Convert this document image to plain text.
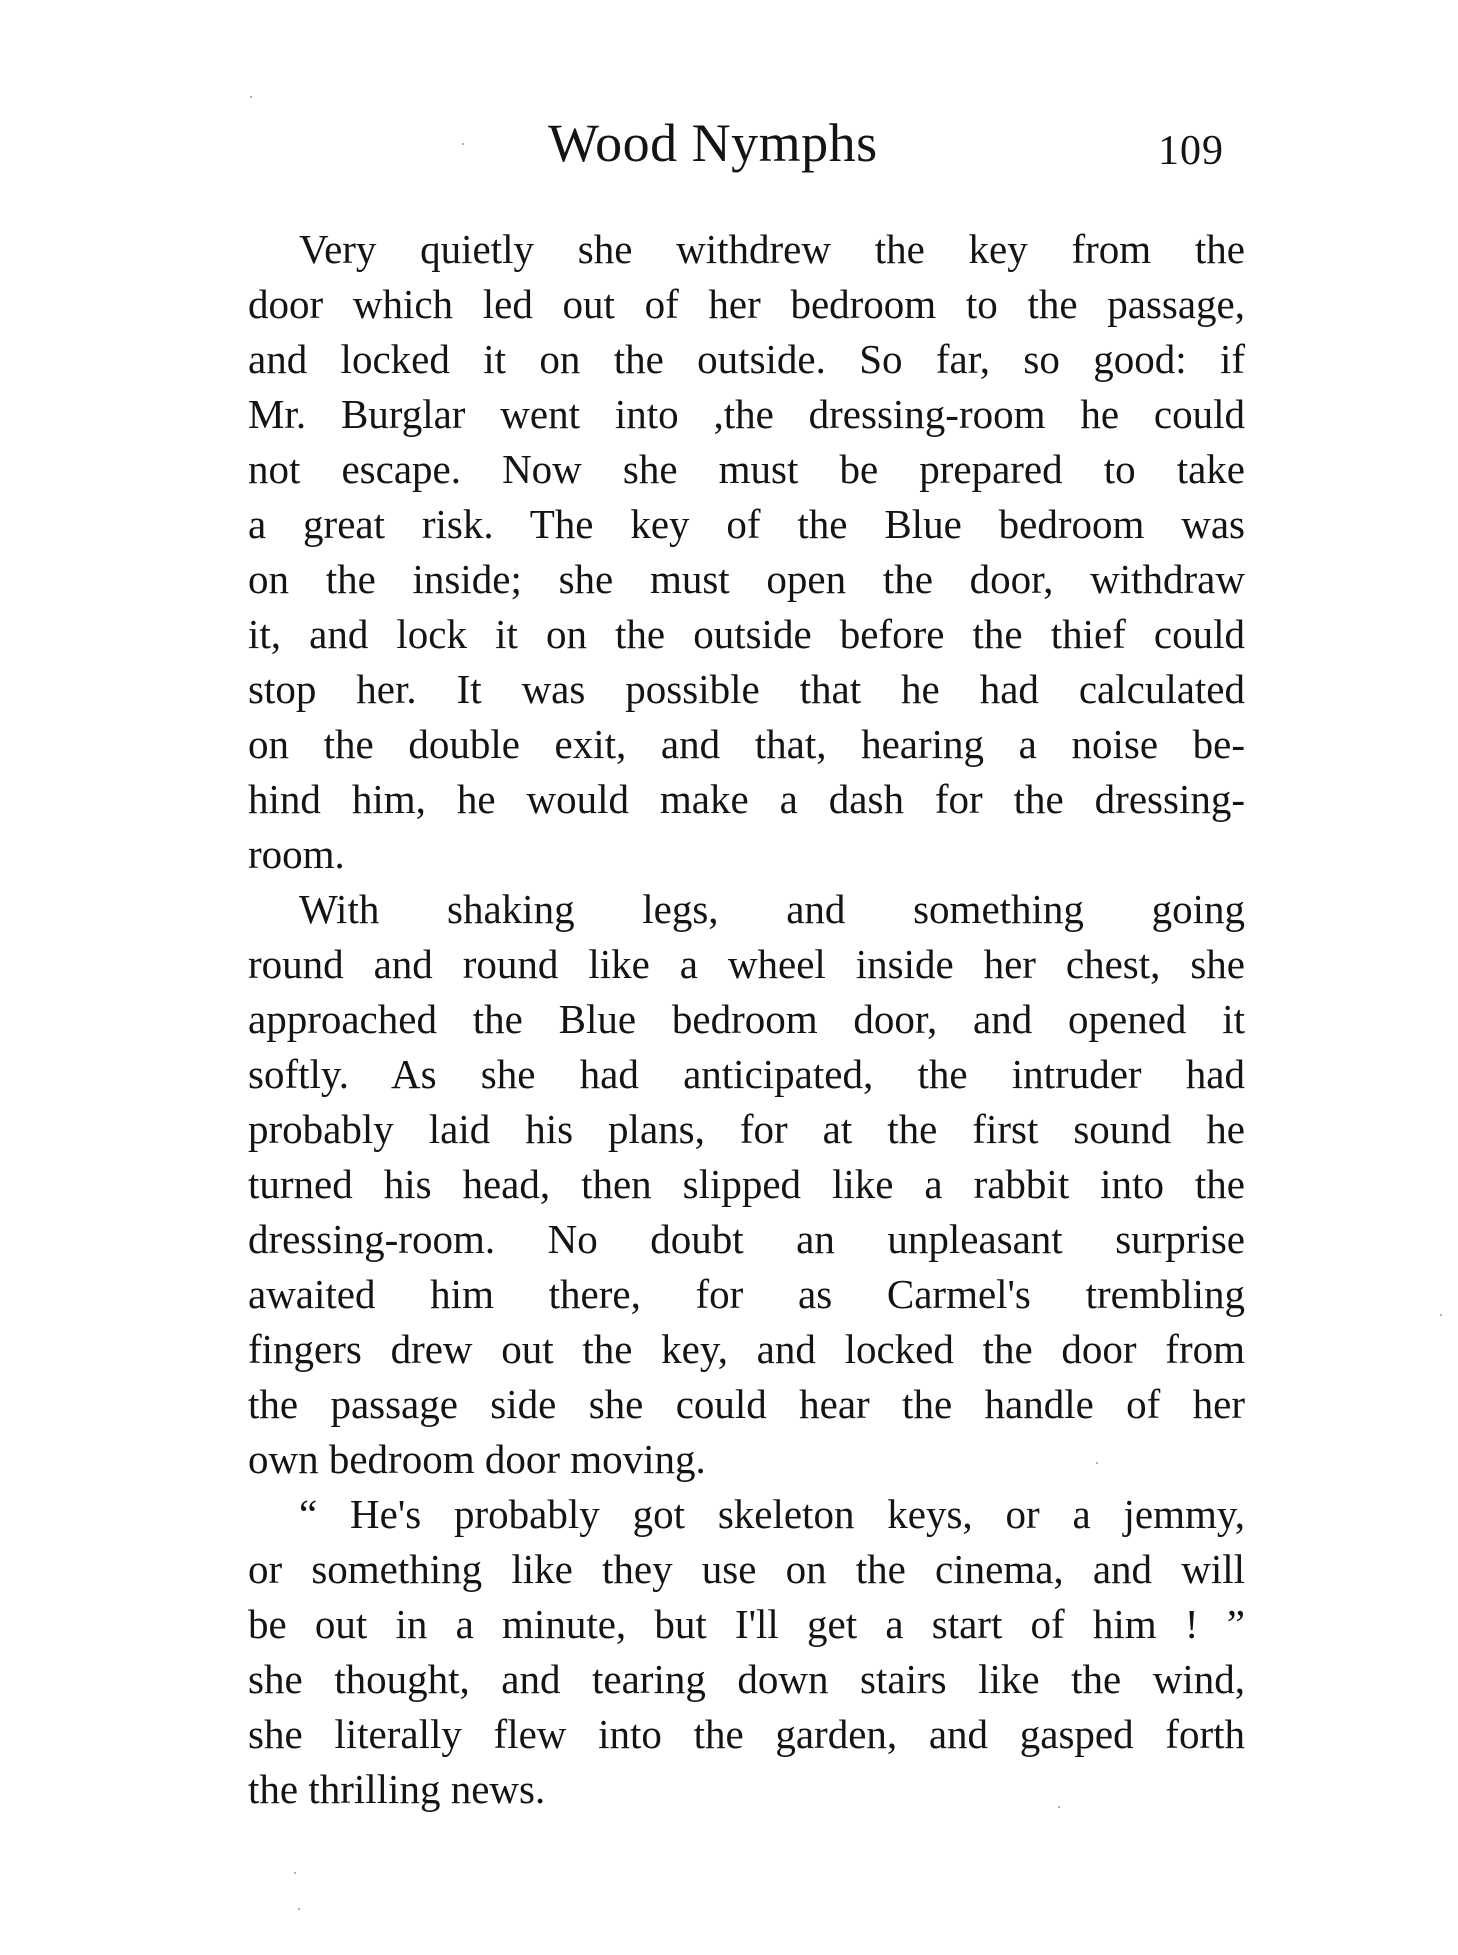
Wood Nymphs	109
Very quietly she withdrew the key from the
door which led out of her bedroom to the passage,
and locked it on the outside. So far, so good: if
Mr. Burglar went into ,the dressing-room he could
not escape. Now she must be prepared to take
a great risk. The key of the Blue bedroom was
on the inside; she must open the door, withdraw
it, and lock it on the outside before the thief could
stop her. It was possible that he had calculated
on the double exit, and that, hearing a noise be-
hind him, he would make a dash for the dressing-
room.
With shaking legs, and something going
round and round like a wheel inside her chest, she
approached the Blue bedroom door, and opened it
softly. As she had anticipated, the intruder had
probably laid his plans, for at the first sound he
turned his head, then slipped like a rabbit into the
dressing-room. No doubt an unpleasant surprise
awaited him there, for as Carmel's trembling
fingers drew out the key, and locked the door from
the passage side she could hear the handle of her
own bedroom door moving.
“ He's probably got skeleton keys, or a jemmy,
or something like they use on the cinema, and will
be out in a minute, but I'll get a start of him ! ”
she thought, and tearing down stairs like the wind,
she literally flew into the garden, and gasped forth
the thrilling news.
